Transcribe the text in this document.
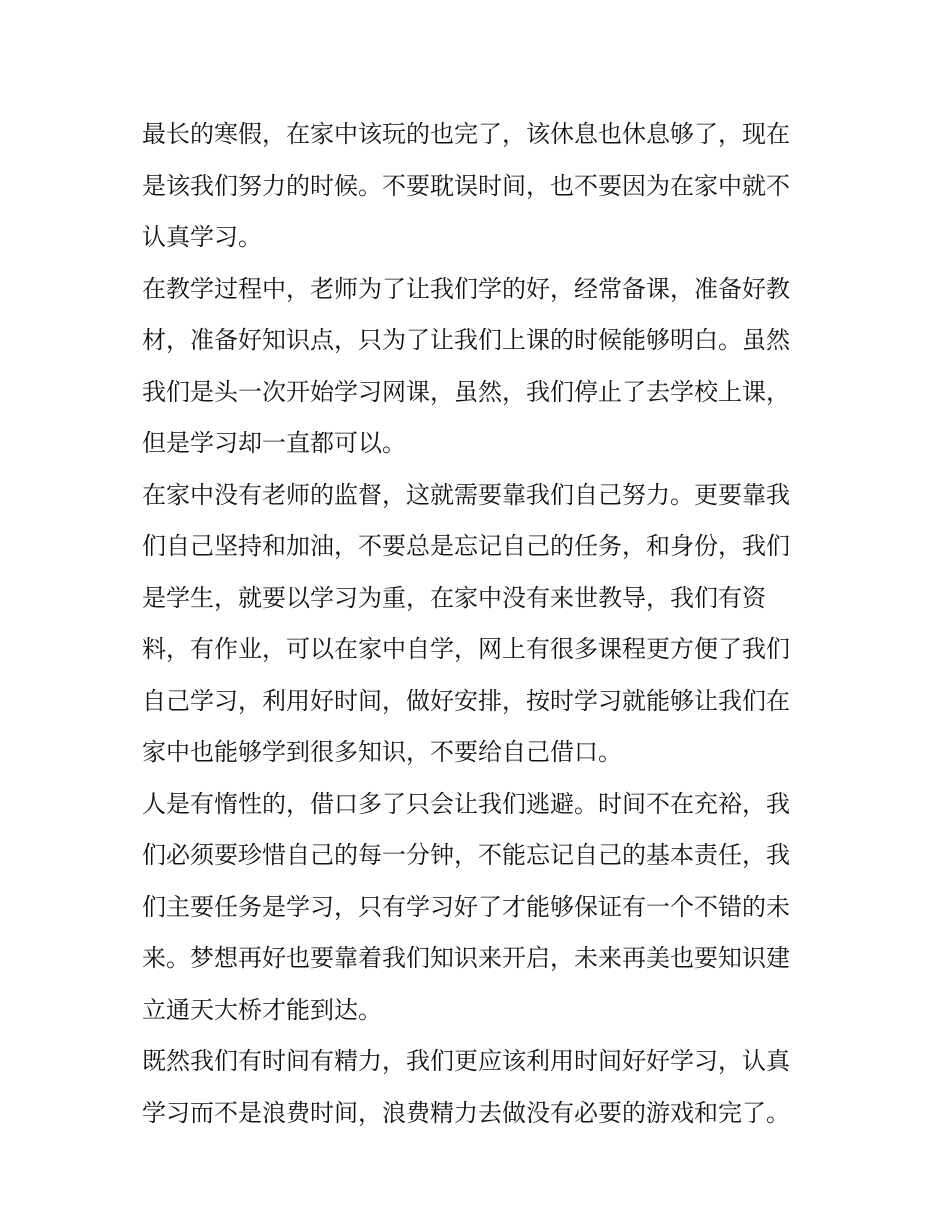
最长的寒假，在家中该玩的也完了，该休息也休息够了，现在
是该我们努力的时候。不要耽误时间，也不要因为在家中就不
认真学习。

在教学过程中，老师为了让我们学的好，经常备课，准备好教
材，准备好知识点，只为了让我们上课的时候能够明白。虽然
我们是头一次开始学习网课，虽然，我们停止了去学校上课，
但是学习却一直都可以。

在家中没有老师的监督，这就需要靠我们自己努力。更要靠我
们自己坚持和加油，不要总是忘记自己的任务，和身份，我们
是学生，就要以学习为重，在家中没有来世教导，我们有资
料，有作业，可以在家中自学，网上有很多课程更方便了我们
自己学习，利用好时间，做好安排，按时学习就能够让我们在
家中也能够学到很多知识，不要给自己借口。

人是有惰性的，借口多了只会让我们逃避。时间不在充裕，我
们必须要珍惜自己的每一分钟，不能忘记自己的基本责任，我
们主要任务是学习，只有学习好了才能够保证有一个不错的未
来。梦想再好也要靠着我们知识来开启，未来再美也要知识建
立通天大桥才能到达。

既然我们有时间有精力，我们更应该利用时间好好学习，认真
学习而不是浪费时间，浪费精力去做没有必要的游戏和完了。
